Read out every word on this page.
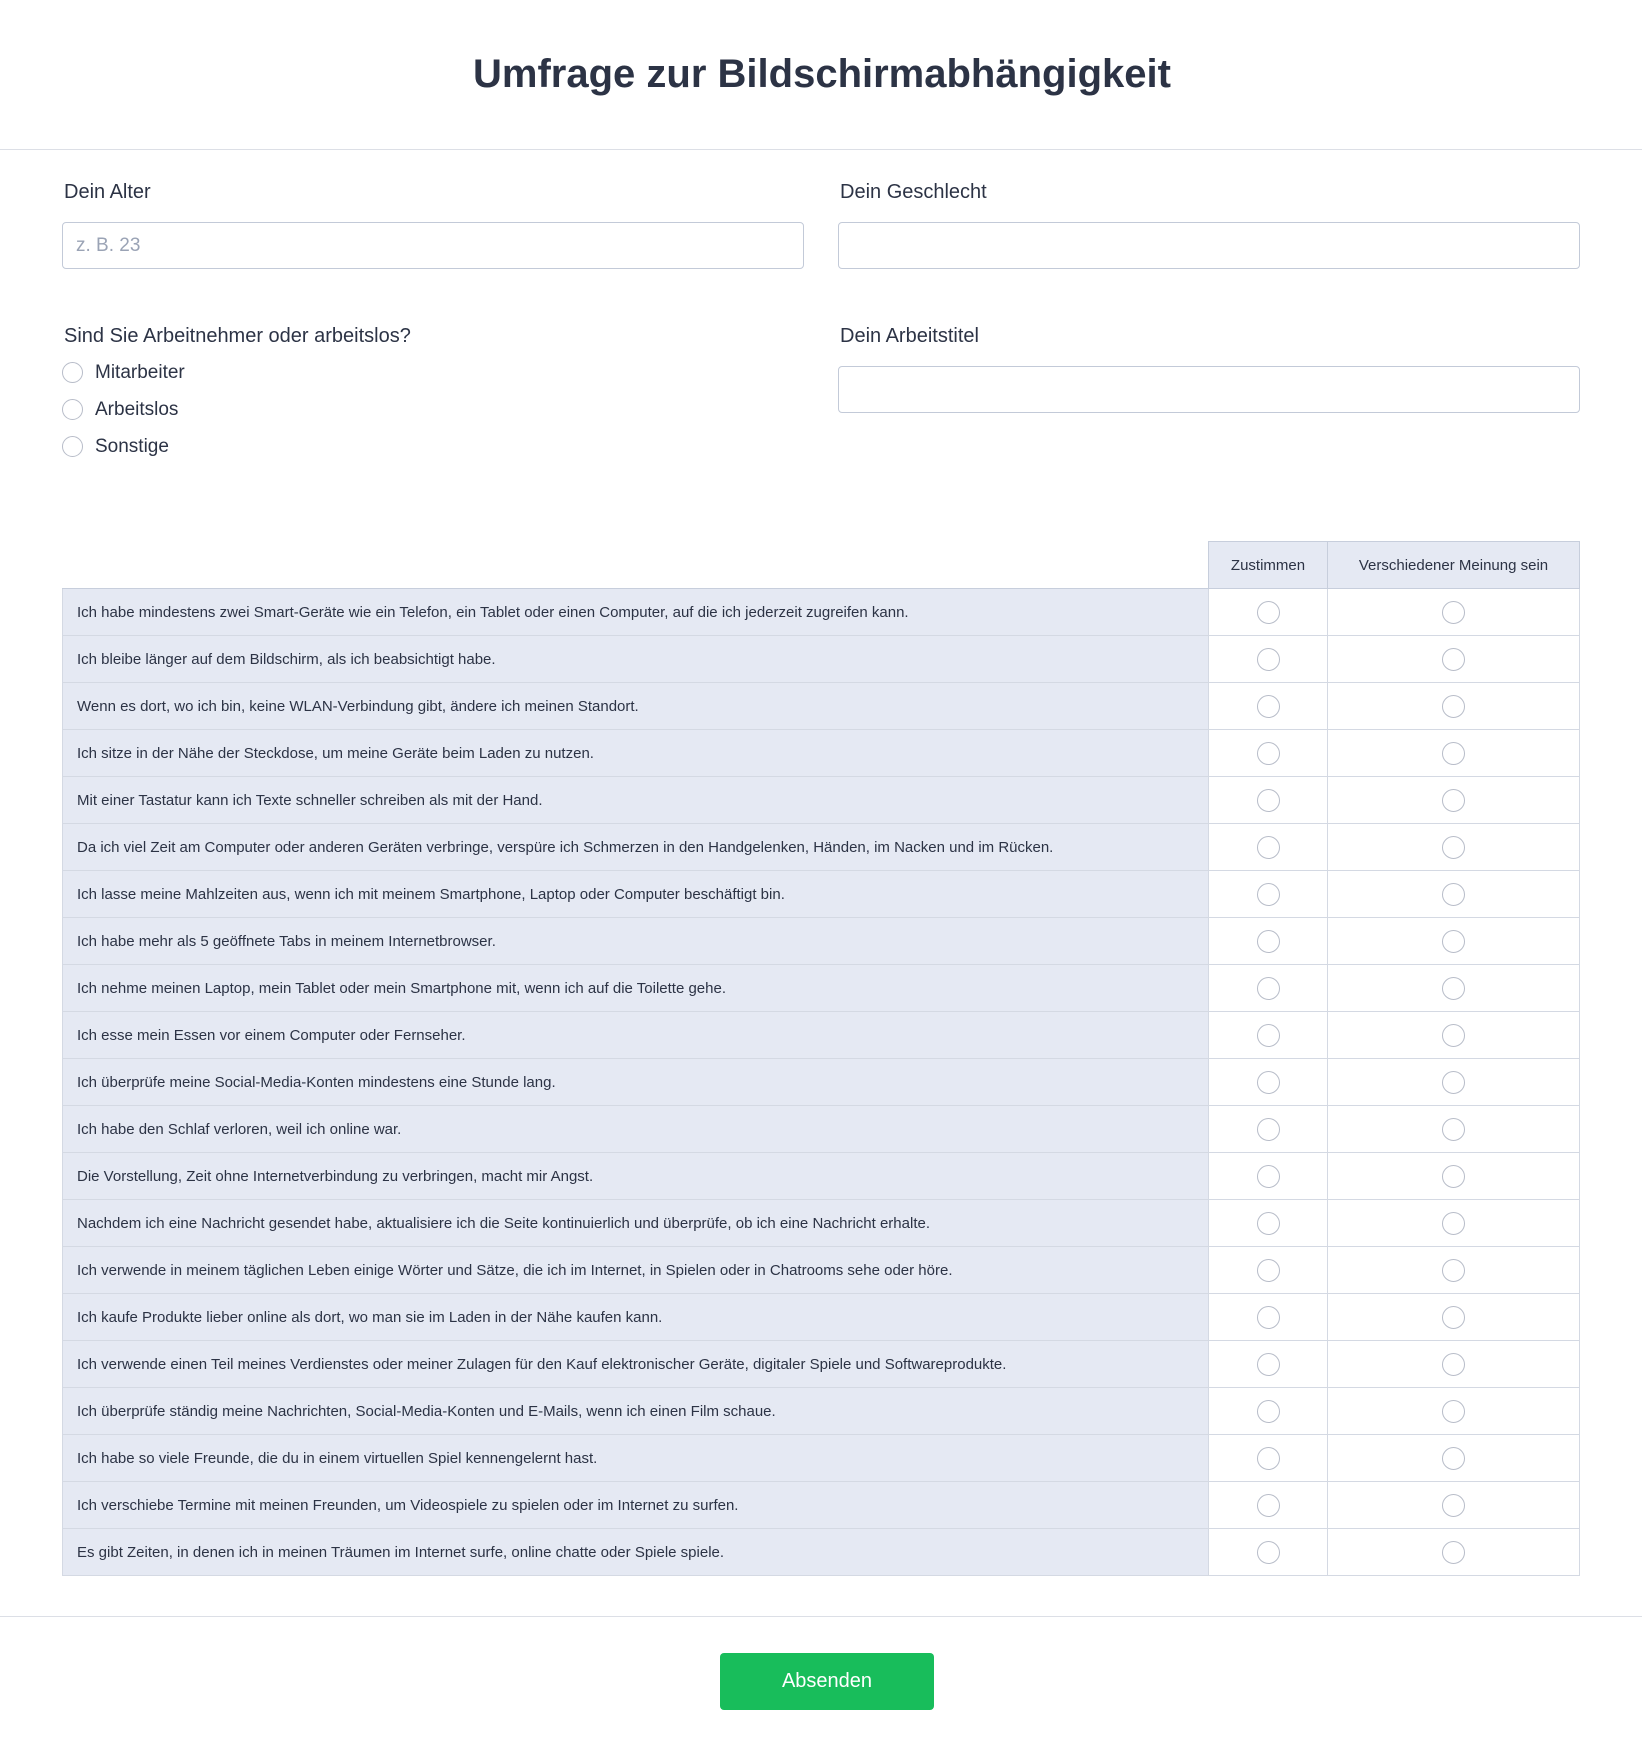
Umfrage zur Bildschirmabhängigkeit
Dein Alter
z. B. 23	Dein Geschlecht
Sind Sie Arbeitnehmer oder arbeitslos?
Mitarbeiter
Arbeitslos
Sonstige
Dein Arbeitstitel
	Zustimmen	Verschiedener Meinung sein
Ich habe mindestens zwei Smart-Geräte wie ein Telefon, ein Tablet oder einen Computer, auf die ich jederzeit zugreifen kann.		
Ich bleibe länger auf dem Bildschirm, als ich beabsichtigt habe.		
Wenn es dort, wo ich bin, keine WLAN-Verbindung gibt, ändere ich meinen Standort.		
Ich sitze in der Nähe der Steckdose, um meine Geräte beim Laden zu nutzen.		
Mit einer Tastatur kann ich Texte schneller schreiben als mit der Hand.		
Da ich viel Zeit am Computer oder anderen Geräten verbringe, verspüre ich Schmerzen in den Handgelenken, Händen, im Nacken und im Rücken.		
Ich lasse meine Mahlzeiten aus, wenn ich mit meinem Smartphone, Laptop oder Computer beschäftigt bin.		
Ich habe mehr als 5 geöffnete Tabs in meinem Internetbrowser.		
Ich nehme meinen Laptop, mein Tablet oder mein Smartphone mit, wenn ich auf die Toilette gehe.		
Ich esse mein Essen vor einem Computer oder Fernseher.		
Ich überprüfe meine Social-Media-Konten mindestens eine Stunde lang.		
Ich habe den Schlaf verloren, weil ich online war.		
Die Vorstellung, Zeit ohne Internetverbindung zu verbringen, macht mir Angst.		
Nachdem ich eine Nachricht gesendet habe, aktualisiere ich die Seite kontinuierlich und überprüfe, ob ich eine Nachricht erhalte.		
Ich verwende in meinem täglichen Leben einige Wörter und Sätze, die ich im Internet, in Spielen oder in Chatrooms sehe oder höre.		
Ich kaufe Produkte lieber online als dort, wo man sie im Laden in der Nähe kaufen kann.		
Ich verwende einen Teil meines Verdienstes oder meiner Zulagen für den Kauf elektronischer Geräte, digitaler Spiele und Softwareprodukte.		
Ich überprüfe ständig meine Nachrichten, Social-Media-Konten und E-Mails, wenn ich einen Film schaue.		
Ich habe so viele Freunde, die du in einem virtuellen Spiel kennengelernt hast.		
Ich verschiebe Termine mit meinen Freunden, um Videospiele zu spielen oder im Internet zu surfen.		
Es gibt Zeiten, in denen ich in meinen Träumen im Internet surfe, online chatte oder Spiele spiele.		
Absenden
